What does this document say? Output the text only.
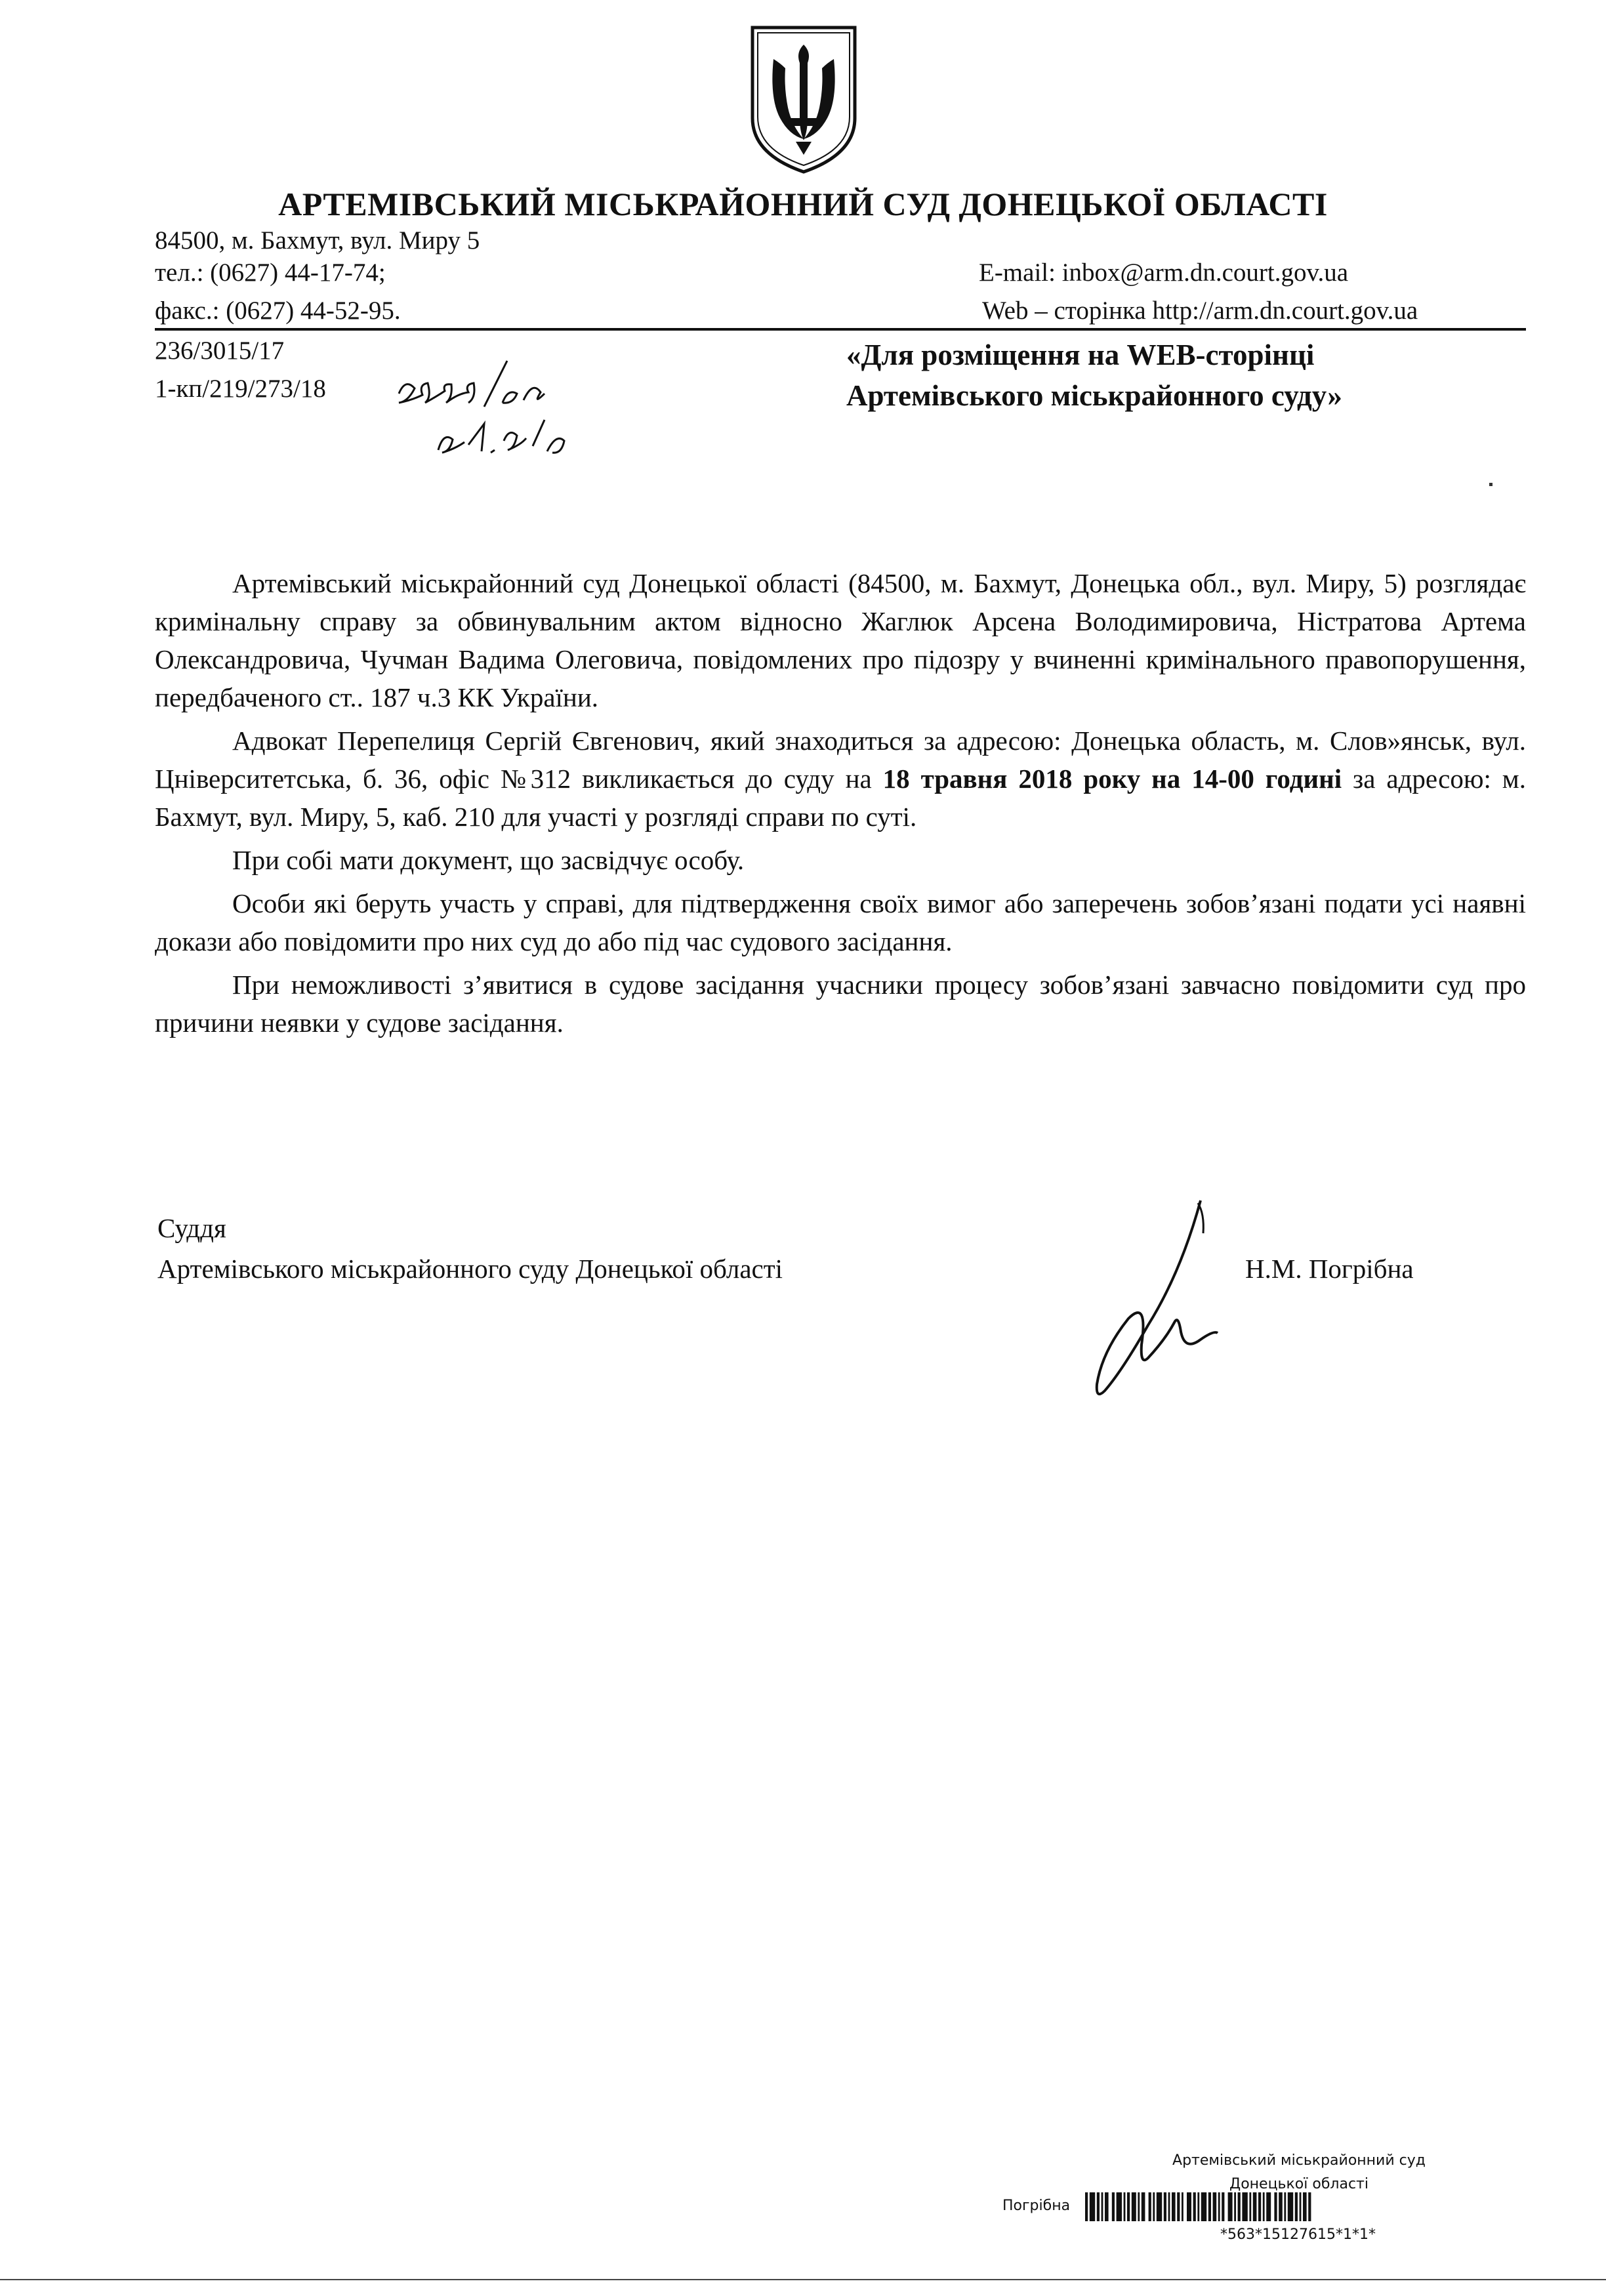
АРТЕМІВСЬКИЙ МІСЬКРАЙОННИЙ СУД ДОНЕЦЬКОЇ ОБЛАСТІ
84500, м. Бахмут, вул. Миру 5
тел.: (0627) 44-17-74;
факс.: (0627) 44-52-95.
E-mail: inbox@arm.dn.court.gov.ua
Web – сторінка http://arm.dn.court.gov.ua
236/3015/17
1-кп/219/273/18
«Для розміщення на WEB-сторінці
Артемівського міськрайонного суду»

Артемівський міськрайонний суд Донецької області (84500, м. Бахмут, Донецька обл., вул. Миру, 5) розглядає кримінальну справу за обвинувальним актом відносно Жаглюк Арсена Володимировича, Ністратова Артема Олександровича, Чучман Вадима Олеговича, повідомлених про підозру у вчиненні кримінального правопорушення, передбаченого ст.. 187 ч.3 КК України.

Адвокат Перепелиця Сергій Євгенович, який знаходиться за адресою: Донецька область, м. Слов»янськ, вул. Цніверситетська, б. 36, офіс №312 викликається до суду на 18 травня 2018 року на 14-00 годині за адресою: м. Бахмут, вул. Миру, 5, каб. 210 для участі у розгляді справи по суті.

При собі мати документ, що засвідчує особу.

Особи які беруть участь у справі, для підтвердження своїх вимог або заперечень зобов’язані подати усі наявні докази або повідомити про них суд до або під час судового засідання.

При неможливості з’явитися в судове засідання учасники процесу зобов’язані завчасно повідомити суд про причини неявки у судове засідання.

Суддя
Артемівського міськрайонного суду Донецької області	Н.М. Погрібна
Артемівський міськрайонний суд
Донецької області
Погрібна
*563*15127615*1*1*
